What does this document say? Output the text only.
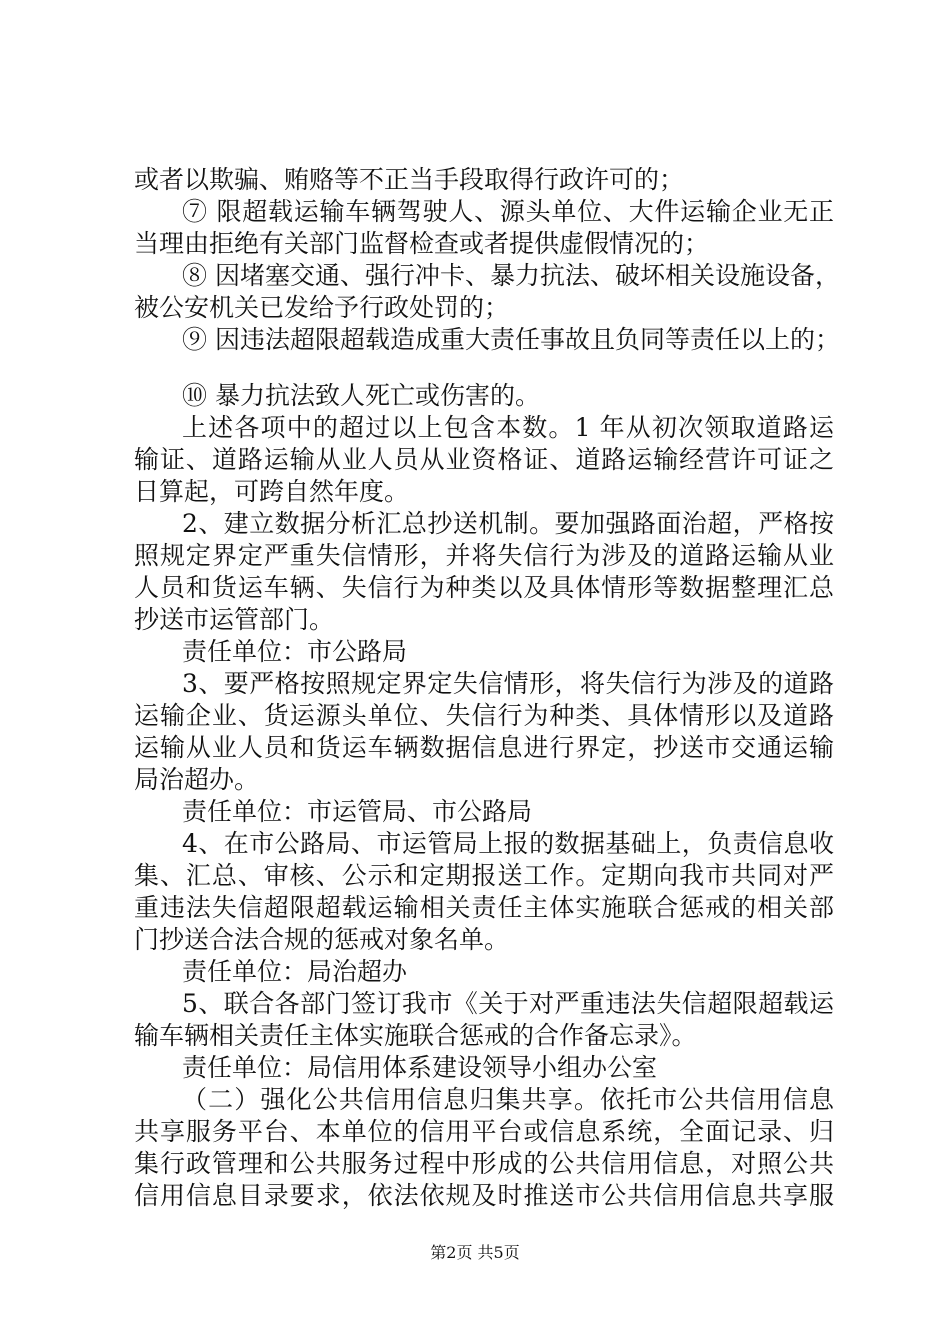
或者以欺骗、贿赂等不正当手段取得行政许可的；
⑦ 限超载运输车辆驾驶人、源头单位、大件运输企业无正
当理由拒绝有关部门监督检查或者提供虚假情况的；
⑧ 因堵塞交通、强行冲卡、暴力抗法、破坏相关设施设备，
被公安机关已发给予行政处罚的；
⑨ 因违法超限超载造成重大责任事故且负同等责任以上的；
⑩ 暴力抗法致人死亡或伤害的。
上述各项中的超过以上包含本数。1 年从初次领取道路运
输证、道路运输从业人员从业资格证、道路运输经营许可证之
日算起，可跨自然年度。
2、建立数据分析汇总抄送机制。要加强路面治超，严格按
照规定界定严重失信情形，并将失信行为涉及的道路运输从业
人员和货运车辆、失信行为种类以及具体情形等数据整理汇总
抄送市运管部门。
责任单位：市公路局
3、要严格按照规定界定失信情形，将失信行为涉及的道路
运输企业、货运源头单位、失信行为种类、具体情形以及道路
运输从业人员和货运车辆数据信息进行界定，抄送市交通运输
局治超办。
责任单位：市运管局、市公路局
4、在市公路局、市运管局上报的数据基础上，负责信息收
集、汇总、审核、公示和定期报送工作。定期向我市共同对严
重违法失信超限超载运输相关责任主体实施联合惩戒的相关部
门抄送合法合规的惩戒对象名单。
责任单位：局治超办
5、联合各部门签订我市《关于对严重违法失信超限超载运
输车辆相关责任主体实施联合惩戒的合作备忘录》。
责任单位：局信用体系建设领导小组办公室
（二）强化公共信用信息归集共享。依托市公共信用信息
共享服务平台、本单位的信用平台或信息系统，全面记录、归
集行政管理和公共服务过程中形成的公共信用信息，对照公共
信用信息目录要求，依法依规及时推送市公共信用信息共享服
第2页 共5页
